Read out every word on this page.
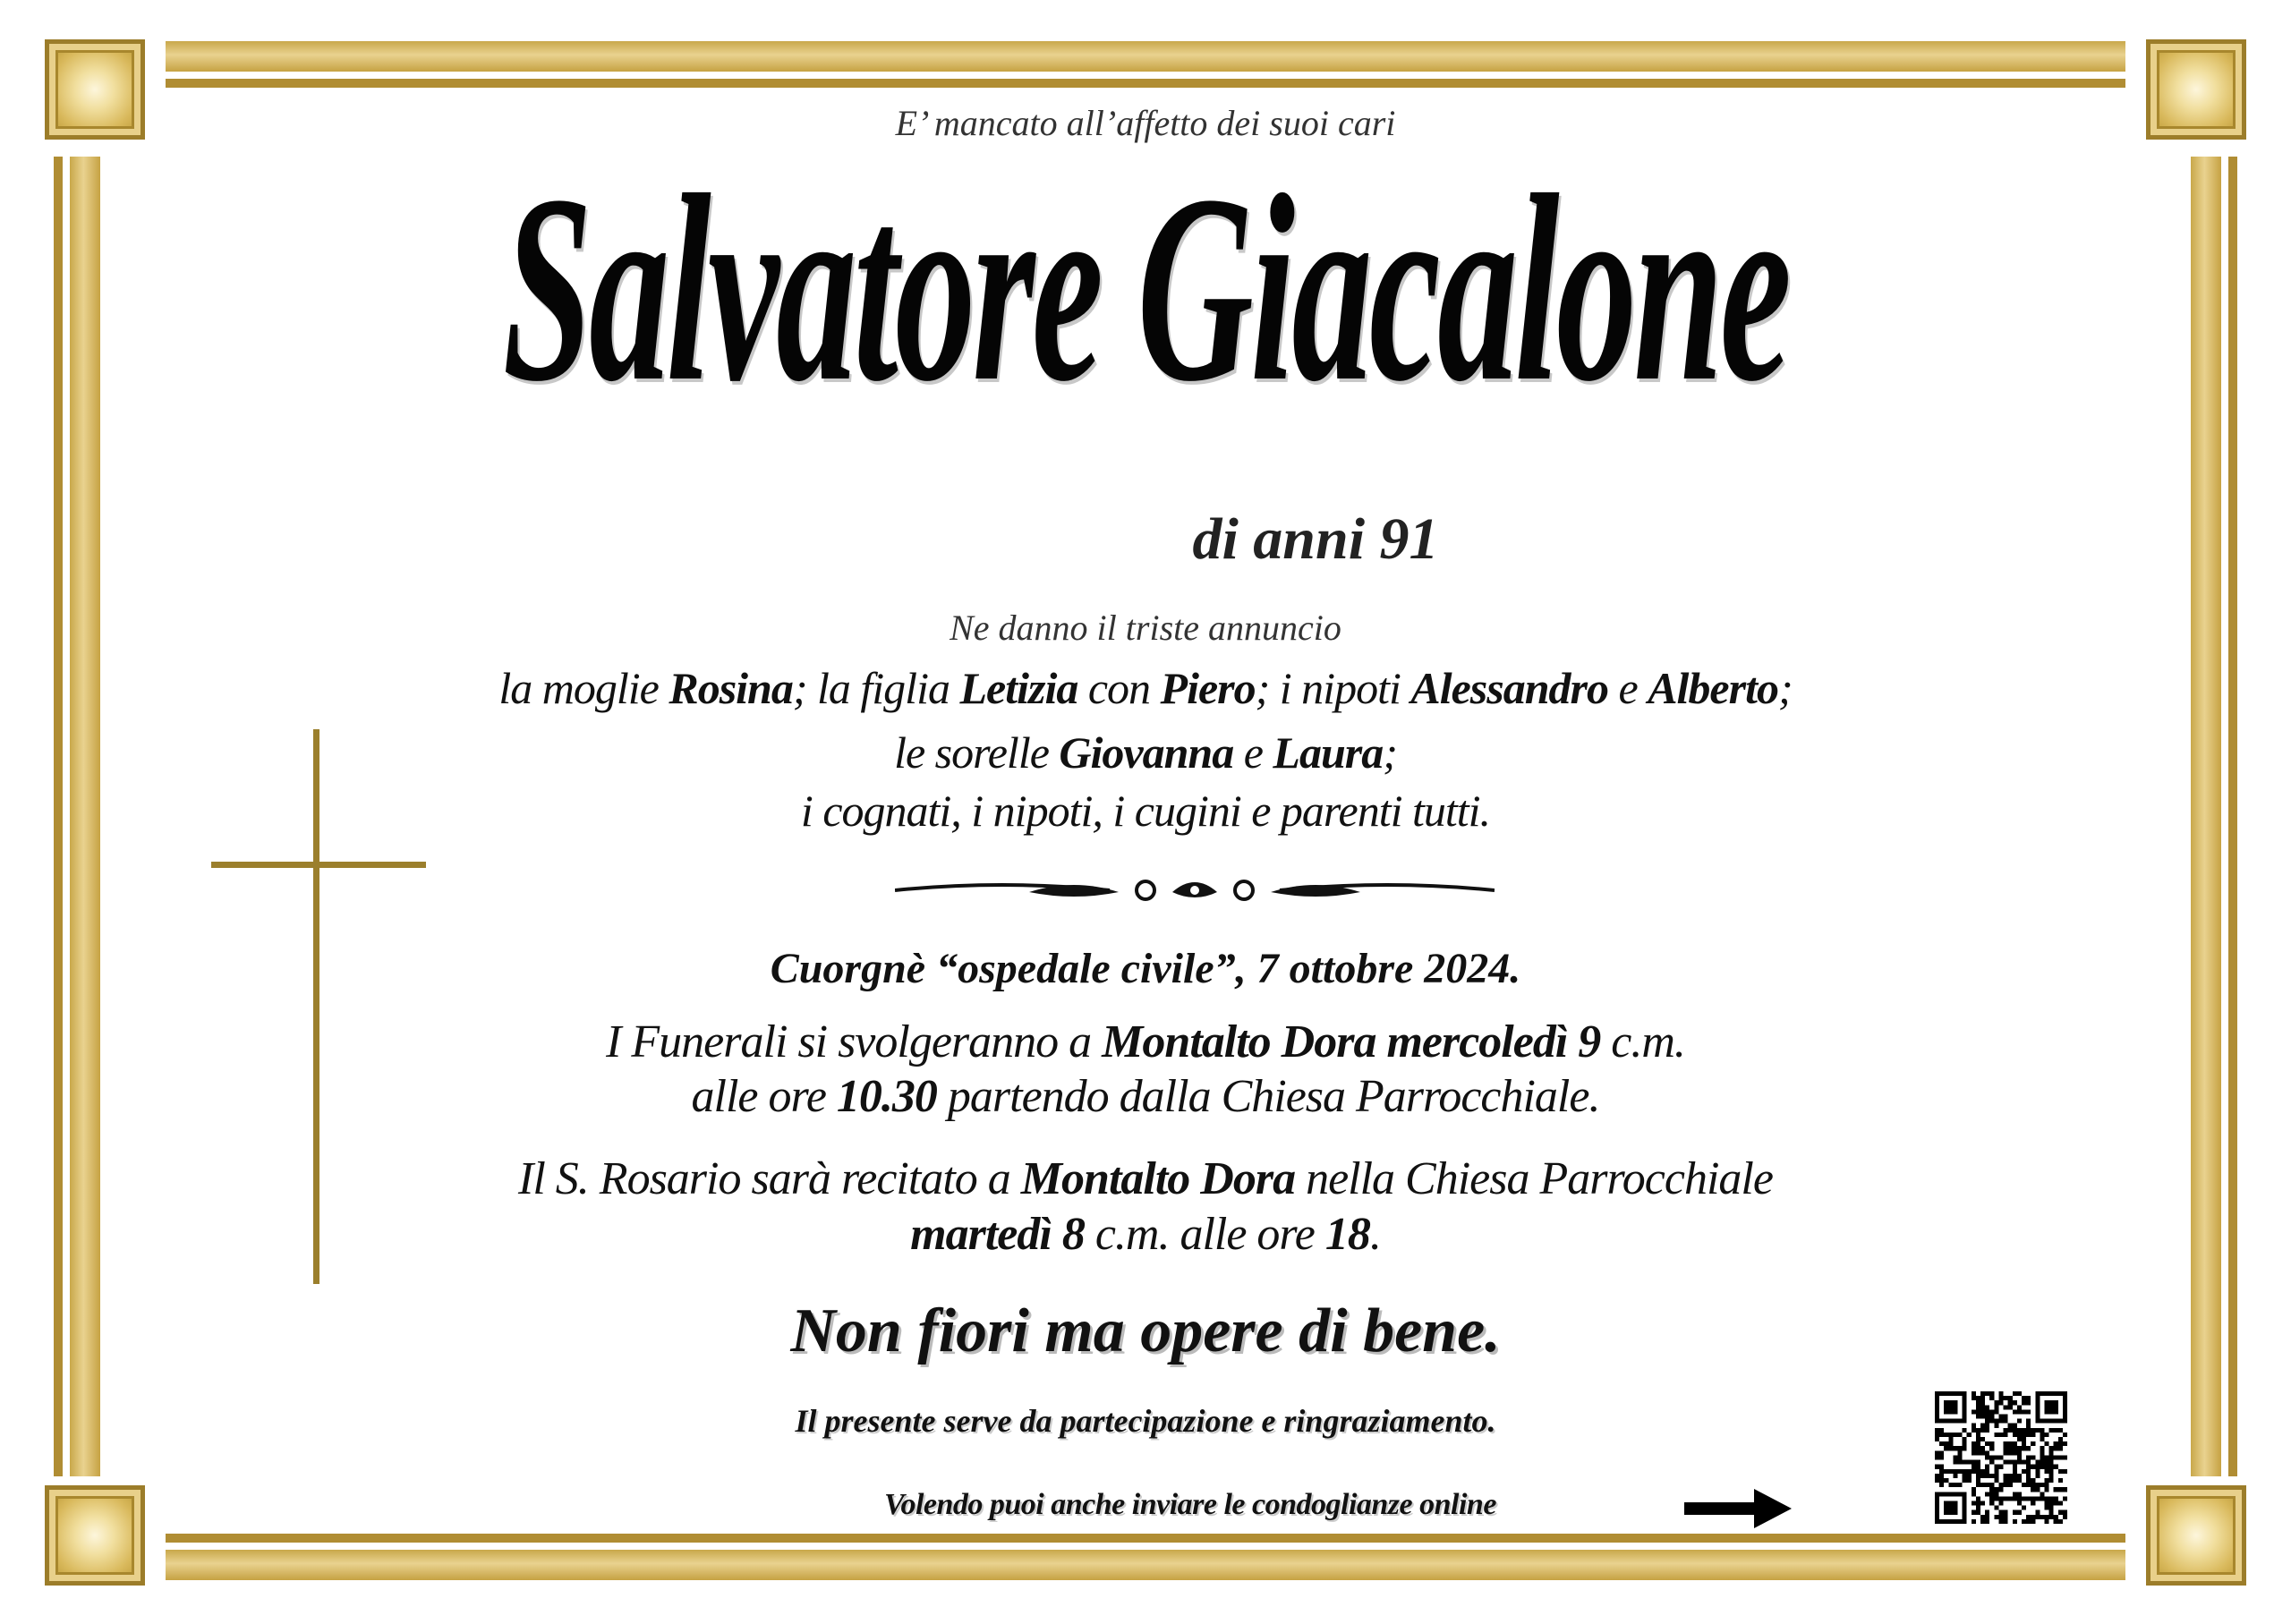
E’ mancato all’affetto dei suoi cari
Salvatore Giacalone
di anni 91
Ne danno il triste annuncio
la moglie Rosina; la figlia Letizia con Piero; i nipoti Alessandro e Alberto;
le sorelle Giovanna e Laura;
i cognati, i nipoti, i cugini e parenti tutti.
Cuorgnè “ospedale civile”, 7 ottobre 2024.
I Funerali si svolgeranno a Montalto Dora mercoledì 9 c.m.
alle ore 10.30 partendo dalla Chiesa Parrocchiale.
Il S. Rosario sarà recitato a Montalto Dora nella Chiesa Parrocchiale
martedì 8 c.m. alle ore 18.
Non fiori ma opere di bene.
Il presente serve da partecipazione e ringraziamento.
Volendo puoi anche inviare le condoglianze online
